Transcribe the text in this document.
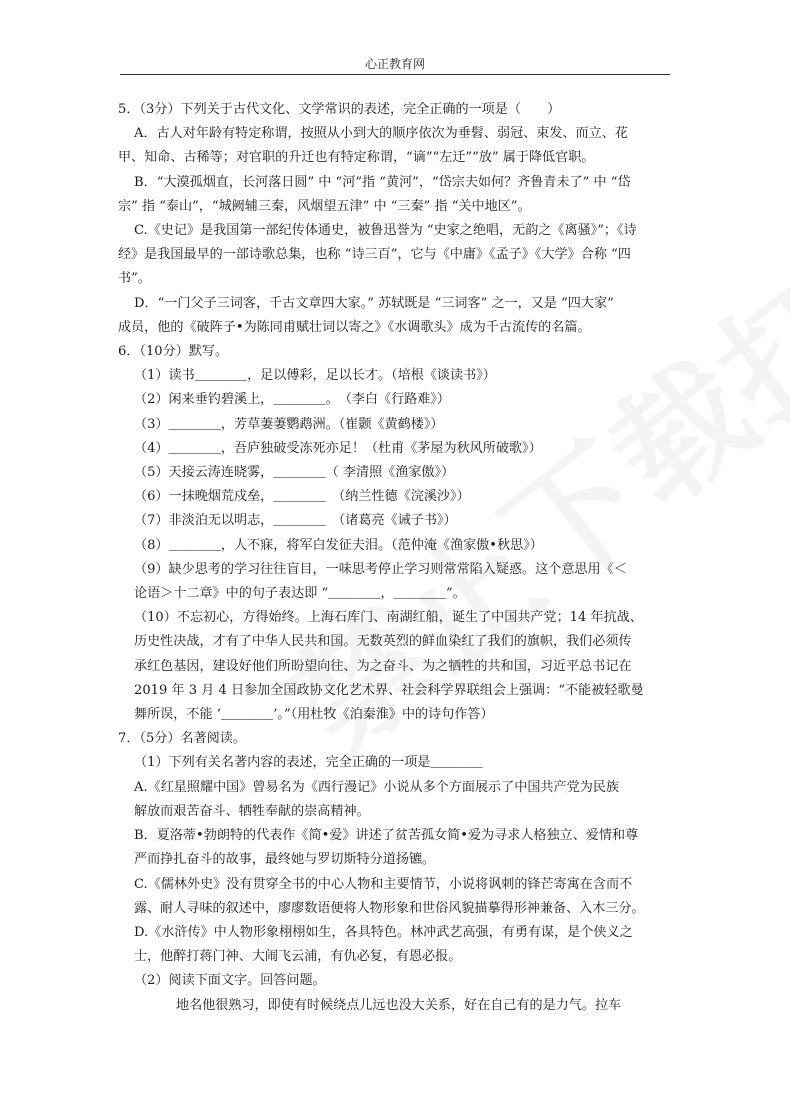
心正教育网
5．（3分）下列关于古代文化、文学常识的表述，完全正确的一项是（　　）
A．古人对年龄有特定称谓，按照从小到大的顺序依次为垂髫、弱冠、束发、而立、花
甲、知命、古稀等；对官职的升迁也有特定称谓，“谪”“左迁”“放” 属于降低官职。
B．“大漠孤烟直，长河落日圆” 中 “河”指 “黄河”，“岱宗夫如何？齐鲁青未了” 中 “岱
宗” 指 “泰山”，“城阙辅三秦，风烟望五津” 中 “三秦” 指 “关中地区”。
C.《史记》是我国第一部纪传体通史，被鲁迅誉为 “史家之绝唱，无韵之《离骚》”；《诗
经》是我国最早的一部诗歌总集，也称 “诗三百”，它与《中庸》《孟子》《大学》合称 “四
书”。
D．“一门父子三词客，千古文章四大家。” 苏轼既是 “三词客” 之一，又是 “四大家”
成员，他的《破阵子•为陈同甫赋壮词以寄之》《水调歌头》成为千古流传的名篇。
6．（10分）默写。
（1）读书＿＿＿＿，足以傅彩，足以长才。（培根《谈读书》）
（2）闲来垂钓碧溪上，＿＿＿＿。　（李白《行路难》）
（3）＿＿＿＿，芳草萋萋鹦鹉洲。（崔颢《黄鹤楼》）
（4）＿＿＿＿，吾庐独破受冻死亦足！（杜甫《茅屋为秋风所破歌》）
（5）天接云涛连晓雾，＿＿＿＿（ 李清照《渔家傲》）
（6）一抹晚烟荒戍垒，＿＿＿＿　（纳兰性德《浣溪沙》）
（7）非淡泊无以明志，＿＿＿＿　（诸葛亮《诫子书》）
（8）＿＿＿＿，人不寐，将军白发征夫泪。（范仲淹《渔家傲•秋思》）
（9）缺少思考的学习往往盲目，一味思考停止学习则常常陷入疑惑。这个意思用《＜
论语＞十二章》中的句子表达即 “＿＿＿＿，＿＿＿＿”。
（10）不忘初心，方得始终。上海石库门、南湖红船，诞生了中国共产党；14 年抗战、
历史性决战，才有了中华人民共和国。无数英烈的鲜血染红了我们的旗帜，我们必须传
承红色基因，建设好他们所盼望向往、为之奋斗、为之牺牲的共和国，习近平总书记在
2019 年 3 月 4 日参加全国政协文化艺术界、社会科学界联组会上强调：“不能被轻歌曼
舞所误，不能 ‘＿＿＿＿’。”（用杜牧《泊秦淮》中的诗句作答）
7．（5分）名著阅读。
（1）下列有关名著内容的表述，完全正确的一项是＿＿＿＿
A.《红星照耀中国》曾易名为《西行漫记》小说从多个方面展示了中国共产党为民族
解放而艰苦奋斗、牺牲奉献的崇高精神。
B．夏洛蒂•勃朗特的代表作《简•爱》讲述了贫苦孤女简•爱为寻求人格独立、爱情和尊
严而挣扎奋斗的故事，最终她与罗切斯特分道扬镳。
C.《儒林外史》没有贯穿全书的中心人物和主要情节，小说将讽刺的锋芒寄寓在含而不
露、耐人寻味的叙述中，廖廖数语便将人物形象和世俗风貌描摹得形神兼备、入木三分。
D.《水浒传》中人物形象栩栩如生，各具特色。林冲武艺高强，有勇有谋，是个侠义之
士，他醉打蒋门神、大闹飞云浦，有仇必复，有恩必报。
（2）阅读下面文字。回答问题。
地名他很熟习，即使有时候绕点儿远也没大关系，好在自己有的是力气。拉车
